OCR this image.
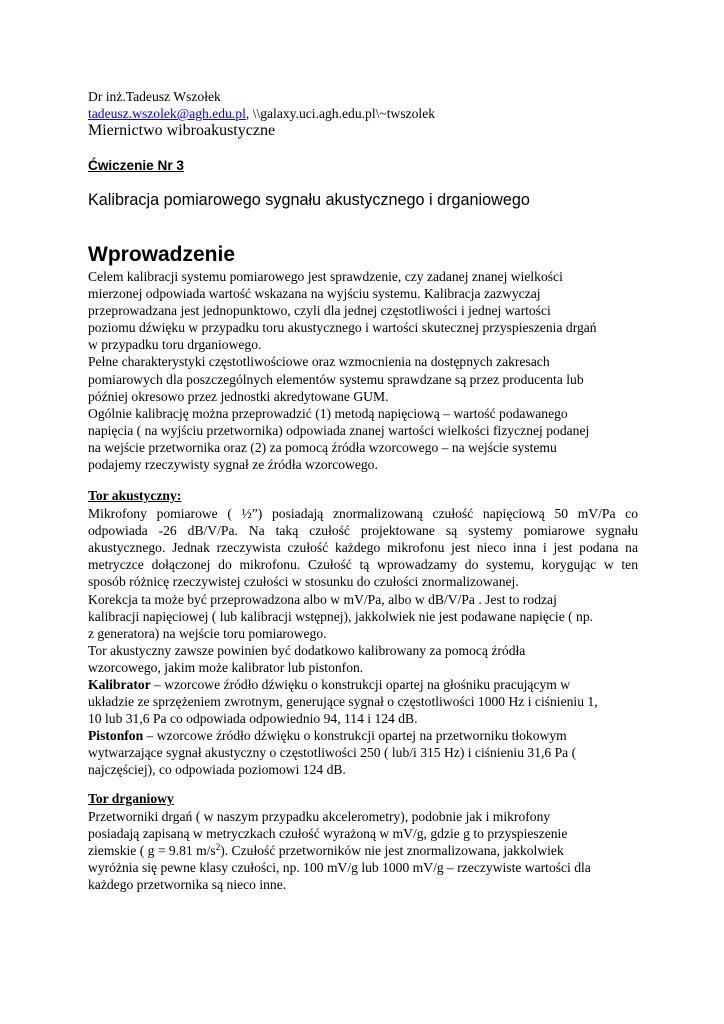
Dr inż.Tadeusz Wszołek
tadeusz.wszolek@agh.edu.pl, \\galaxy.uci.agh.edu.pl\~twszolek
Miernictwo wibroakustyczne
Ćwiczenie Nr 3
Kalibracja pomiarowego sygnału akustycznego i drganiowego
Wprowadzenie
Celem kalibracji systemu pomiarowego jest sprawdzenie, czy zadanej znanej wielkości
mierzonej odpowiada wartość wskazana na wyjściu systemu. Kalibracja zazwyczaj
przeprowadzana jest jednopunktowo, czyli dla jednej częstotliwości i jednej wartości
poziomu dźwięku w przypadku toru akustycznego i wartości skutecznej przyspieszenia drgań
w przypadku toru drganiowego.
Pełne charakterystyki częstotliwościowe oraz wzmocnienia na dostępnych zakresach
pomiarowych dla poszczególnych elementów systemu sprawdzane są przez producenta lub
później okresowo przez jednostki akredytowane GUM.
Ogólnie kalibrację można przeprowadzić (1) metodą napięciową – wartość podawanego
napięcia ( na wyjściu przetwornika) odpowiada znanej wartości wielkości fizycznej podanej
na wejście przetwornika oraz (2) za pomocą źródła wzorcowego – na wejście systemu
podajemy rzeczywisty sygnał ze źródła wzorcowego.
Tor akustyczny:
Mikrofony pomiarowe ( ½”) posiadają znormalizowaną czułość napięciową 50 mV/Pa co
odpowiada -26 dB/V/Pa. Na taką czułość projektowane są systemy pomiarowe sygnału
akustycznego. Jednak rzeczywista czułość każdego mikrofonu jest nieco inna i jest podana na
metryczce dołączonej do mikrofonu. Czułość tą wprowadzamy do systemu, korygując w ten
sposób różnicę rzeczywistej czułości w stosunku do czułości znormalizowanej.
Korekcja ta może być przeprowadzona albo w mV/Pa, albo w dB/V/Pa . Jest to rodzaj
kalibracji napięciowej ( lub kalibracji wstępnej), jakkolwiek nie jest podawane napięcie ( np.
z generatora) na wejście toru pomiarowego.
Tor akustyczny zawsze powinien być dodatkowo kalibrowany za pomocą źródła
wzorcowego, jakim może kalibrator lub pistonfon.
Kalibrator – wzorcowe źródło dźwięku o konstrukcji opartej na głośniku pracującym w
układzie ze sprzężeniem zwrotnym, generujące sygnał o częstotliwości 1000 Hz i ciśnieniu 1,
10 lub 31,6 Pa co odpowiada odpowiednio 94, 114 i 124 dB.
Pistonfon – wzorcowe źródło dźwięku o konstrukcji opartej na przetworniku tłokowym
wytwarzające sygnał akustyczny o częstotliwości 250 ( lub/i 315 Hz) i ciśnieniu 31,6 Pa (
najczęściej), co odpowiada poziomowi 124 dB.
Tor drganiowy
Przetworniki drgań ( w naszym przypadku akcelerometry), podobnie jak i mikrofony
posiadają zapisaną w metryczkach czułość wyrażoną w mV/g, gdzie g to przyspieszenie
ziemskie ( g = 9.81 $m/s^2$). Czułość przetworników nie jest znormalizowana, jakkolwiek
wyróżnia się pewne klasy czułości, np. 100 mV/g lub 1000 mV/g – rzeczywiste wartości dla
każdego przetwornika są nieco inne.
